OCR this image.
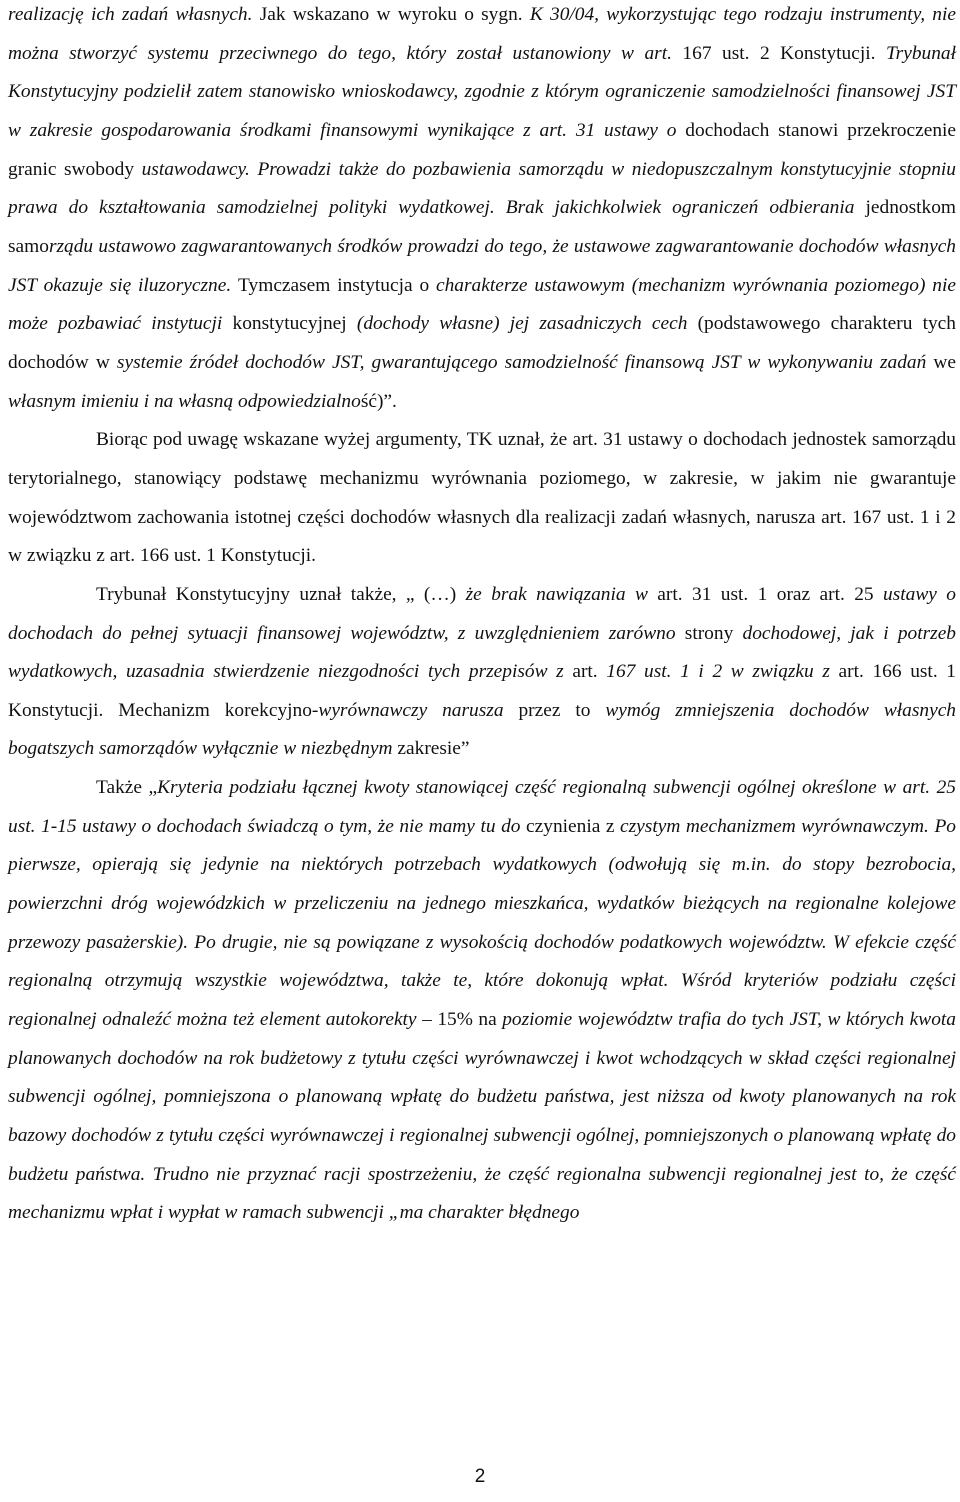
realizację ich zadań własnych. Jak wskazano w wyroku o sygn. K 30/04, wykorzystując tego rodzaju instrumenty, nie można stworzyć systemu przeciwnego do tego, który został ustanowiony w art. 167 ust. 2 Konstytucji. Trybunał Konstytucyjny podzielił zatem stanowisko wnioskodawcy, zgodnie z którym ograniczenie samodzielności finansowej JST w zakresie gospodarowania środkami finansowymi wynikające z art. 31 ustawy o dochodach stanowi przekroczenie granic swobody ustawodawcy. Prowadzi także do pozbawienia samorządu w niedopuszczalnym konstytucyjnie stopniu prawa do kształtowania samodzielnej polityki wydatkowej. Brak jakichkolwiek ograniczeń odbierania jednostkom samorządu ustawowo zagwarantowanych środków prowadzi do tego, że ustawowe zagwarantowanie dochodów własnych JST okazuje się iluzoryczne. Tymczasem instytucja o charakterze ustawowym (mechanizm wyrównania poziomego) nie może pozbawiać instytucji konstytucyjnej (dochody własne) jej zasadniczych cech (podstawowego charakteru tych dochodów w systemie źródeł dochodów JST, gwarantującego samodzielność finansową JST w wykonywaniu zadań we własnym imieniu i na własną odpowiedzialność)”.

Biorąc pod uwagę wskazane wyżej argumenty, TK uznał, że art. 31 ustawy o dochodach jednostek samorządu terytorialnego, stanowiący podstawę mechanizmu wyrównania poziomego, w zakresie, w jakim nie gwarantuje województwom zachowania istotnej części dochodów własnych dla realizacji zadań własnych, narusza art. 167 ust. 1 i 2 w związku z art. 166 ust. 1 Konstytucji.

Trybunał Konstytucyjny uznał także, „ (…) że brak nawiązania w art. 31 ust. 1 oraz art. 25 ustawy o dochodach do pełnej sytuacji finansowej województw, z uwzględnieniem zarówno strony dochodowej, jak i potrzeb wydatkowych, uzasadnia stwierdzenie niezgodności tych przepisów z art. 167 ust. 1 i 2 w związku z art. 166 ust. 1 Konstytucji. Mechanizm korekcyjno-wyrównawczy narusza przez to wymóg zmniejszenia dochodów własnych bogatszych samorządów wyłącznie w niezbędnym zakresie”

Także „Kryteria podziału łącznej kwoty stanowiącej część regionalną subwencji ogólnej określone w art. 25 ust. 1-15 ustawy o dochodach świadczą o tym, że nie mamy tu do czynienia z czystym mechanizmem wyrównawczym. Po pierwsze, opierają się jedynie na niektórych potrzebach wydatkowych (odwołują się m.in. do stopy bezrobocia, powierzchni dróg wojewódzkich w przeliczeniu na jednego mieszkańca, wydatków bieżących na regionalne kolejowe przewozy pasażerskie). Po drugie, nie są powiązane z wysokością dochodów podatkowych województw. W efekcie część regionalną otrzymują wszystkie województwa, także te, które dokonują wpłat. Wśród kryteriów podziału części regionalnej odnaleźć można też element autokorekty – 15% na poziomie województw trafia do tych JST, w których kwota planowanych dochodów na rok budżetowy z tytułu części wyrównawczej i kwot wchodzących w skład części regionalnej subwencji ogólnej, pomniejszona o planowaną wpłatę do budżetu państwa, jest niższa od kwoty planowanych na rok bazowy dochodów z tytułu części wyrównawczej i regionalnej subwencji ogólnej, pomniejszonych o planowaną wpłatę do budżetu państwa. Trudno nie przyznać racji spostrzeżeniu, że część regionalna subwencji regionalnej jest to, że część mechanizmu wpłat i wypłat w ramach subwencji „ma charakter błędnego

2
